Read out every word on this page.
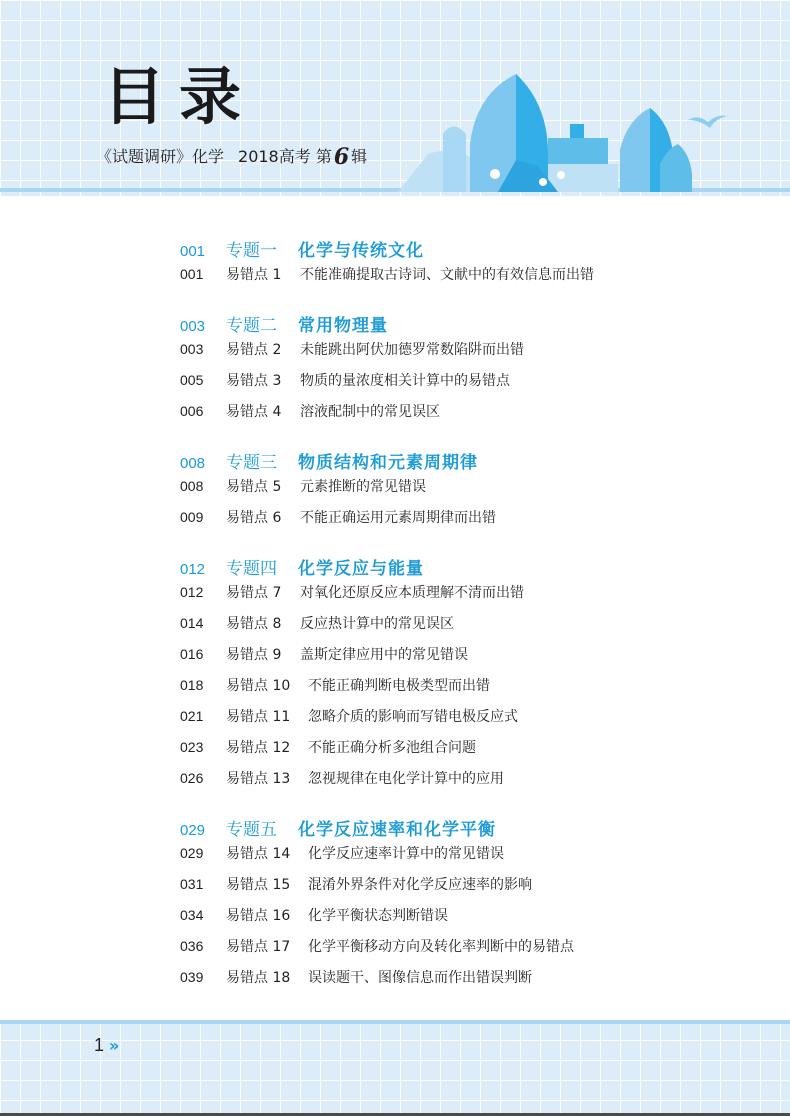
目录
《试题调研》化学 2018高考 第6 辑
001	专题一	化学与传统文化
001	易错点 1	不能准确提取古诗词、文献中的有效信息而出错
003	专题二	常用物理量
003	易错点 2	未能跳出阿伏加德罗常数陷阱而出错
005	易错点 3	物质的量浓度相关计算中的易错点
006	易错点 4	溶液配制中的常见误区
008	专题三	物质结构和元素周期律
008	易错点 5	元素推断的常见错误
009	易错点 6	不能正确运用元素周期律而出错
012	专题四	化学反应与能量
012	易错点 7	对氧化还原反应本质理解不清而出错
014	易错点 8	反应热计算中的常见误区
016	易错点 9	盖斯定律应用中的常见错误
018	易错点 10	不能正确判断电极类型而出错
021	易错点 11	忽略介质的影响而写错电极反应式
023	易错点 12	不能正确分析多池组合问题
026	易错点 13	忽视规律在电化学计算中的应用
029	专题五	化学反应速率和化学平衡
029	易错点 14	化学反应速率计算中的常见错误
031	易错点 15	混淆外界条件对化学反应速率的影响
034	易错点 16	化学平衡状态判断错误
036	易错点 17	化学平衡移动方向及转化率判断中的易错点
039	易错点 18	误读题干、图像信息而作出错误判断
1 »
